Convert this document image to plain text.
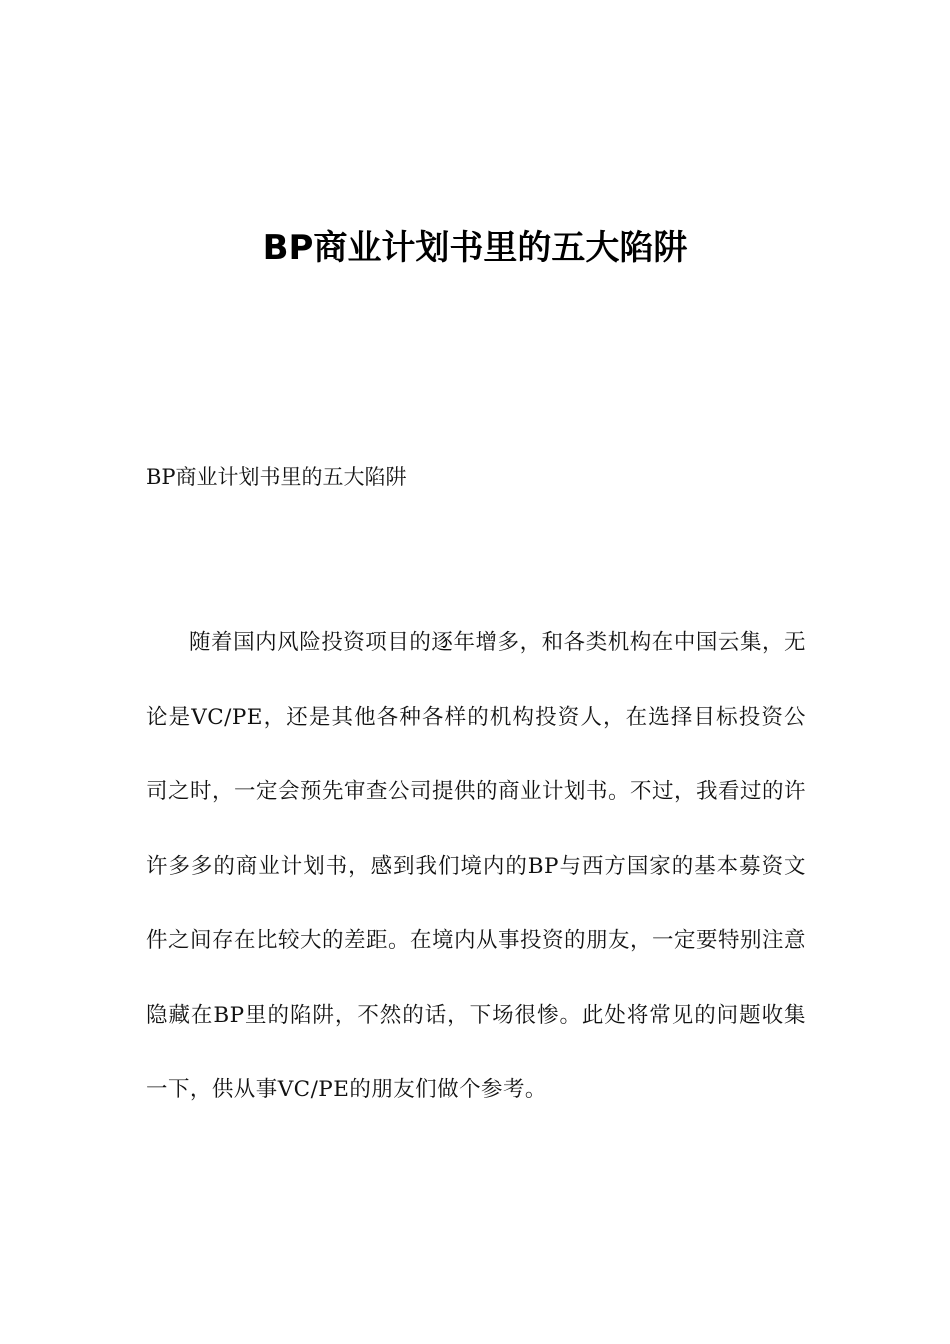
BP商业计划书里的五大陷阱

BP商业计划书里的五大陷阱

随着国内风险投资项目的逐年增多，和各类机构在中国云集，无论是VC/PE，还是其他各种各样的机构投资人，在选择目标投资公司之时，一定会预先审查公司提供的商业计划书。不过，我看过的许许多多的商业计划书，感到我们境内的BP与西方国家的基本募资文件之间存在比较大的差距。在境内从事投资的朋友，一定要特别注意隐藏在BP里的陷阱，不然的话，下场很惨。此处将常见的问题收集一下，供从事VC/PE的朋友们做个参考。
